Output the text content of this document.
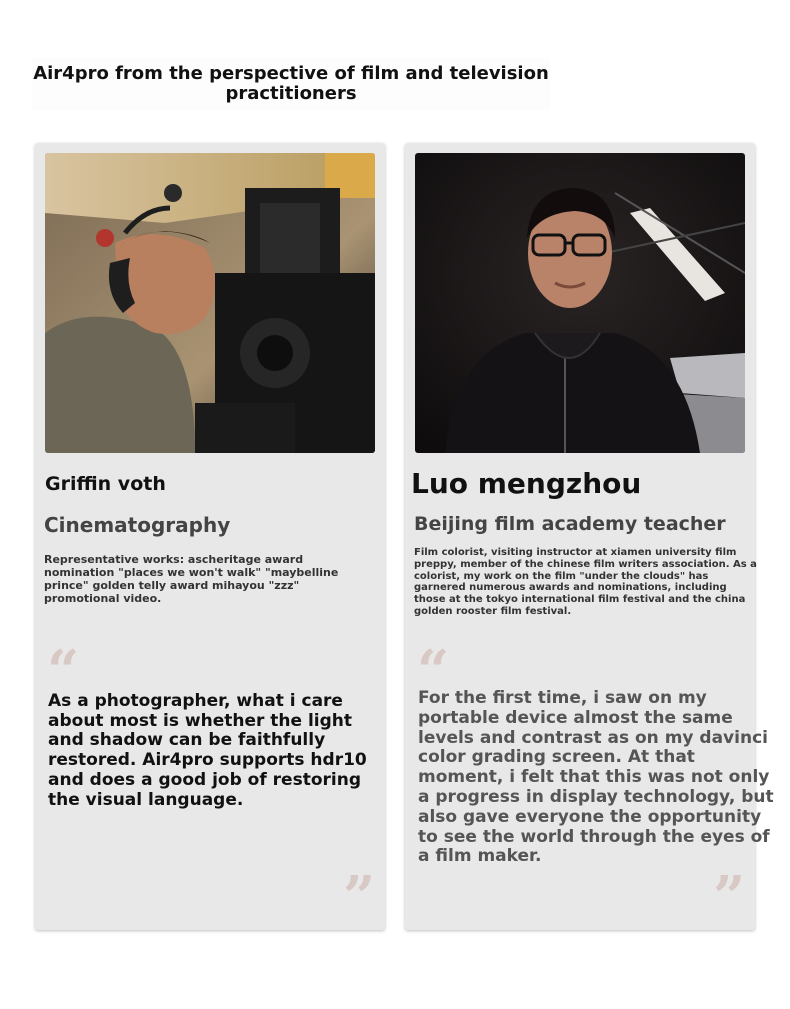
Air4pro from the perspective of film and television
practitioners
Griffin voth
Cinematography
Representative works: ascheritage award nomination "places we won't walk" "maybelline prince" golden telly award mihayou "zzz" promotional video.
“
As a photographer, what i care about most is whether the light and shadow can be faithfully restored. Air4pro supports hdr10 and does a good job of restoring the visual language.
”
Luo mengzhou
Beijing film academy teacher
Film colorist, visiting instructor at xiamen university film preppy, member of the chinese film writers association. As a colorist, my work on the film "under the clouds" has garnered numerous awards and nominations, including those at the tokyo international film festival and the china golden rooster film festival.
“
For the first time, i saw on my portable device almost the same levels and contrast as on my davinci color grading screen. At that moment, i felt that this was not only a progress in display technology, but also gave everyone the opportunity to see the world through the eyes of a film maker.
”
